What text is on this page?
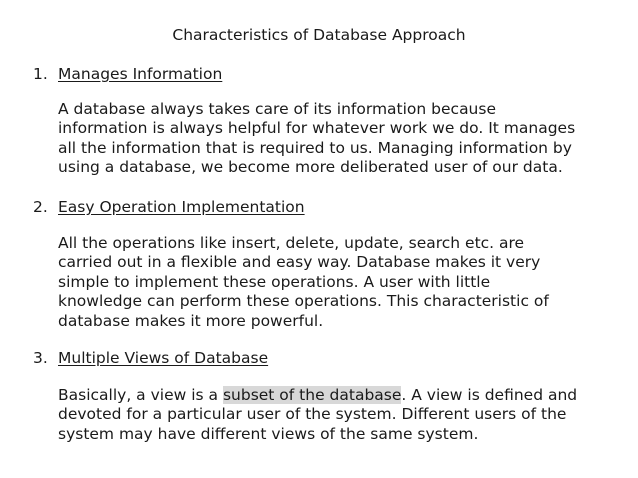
Characteristics of Database Approach
1. Manages Information
A database always takes care of its information because
information is always helpful for whatever work we do. It manages
all the information that is required to us. Managing information by
using a database, we become more deliberated user of our data.
2. Easy Operation Implementation
All the operations like insert, delete, update, search etc. are
carried out in a flexible and easy way. Database makes it very
simple to implement these operations. A user with little
knowledge can perform these operations. This characteristic of
database makes it more powerful.
3. Multiple Views of Database
Basically, a view is a subset of the database. A view is defined and
devoted for a particular user of the system. Different users of the
system may have different views of the same system.
